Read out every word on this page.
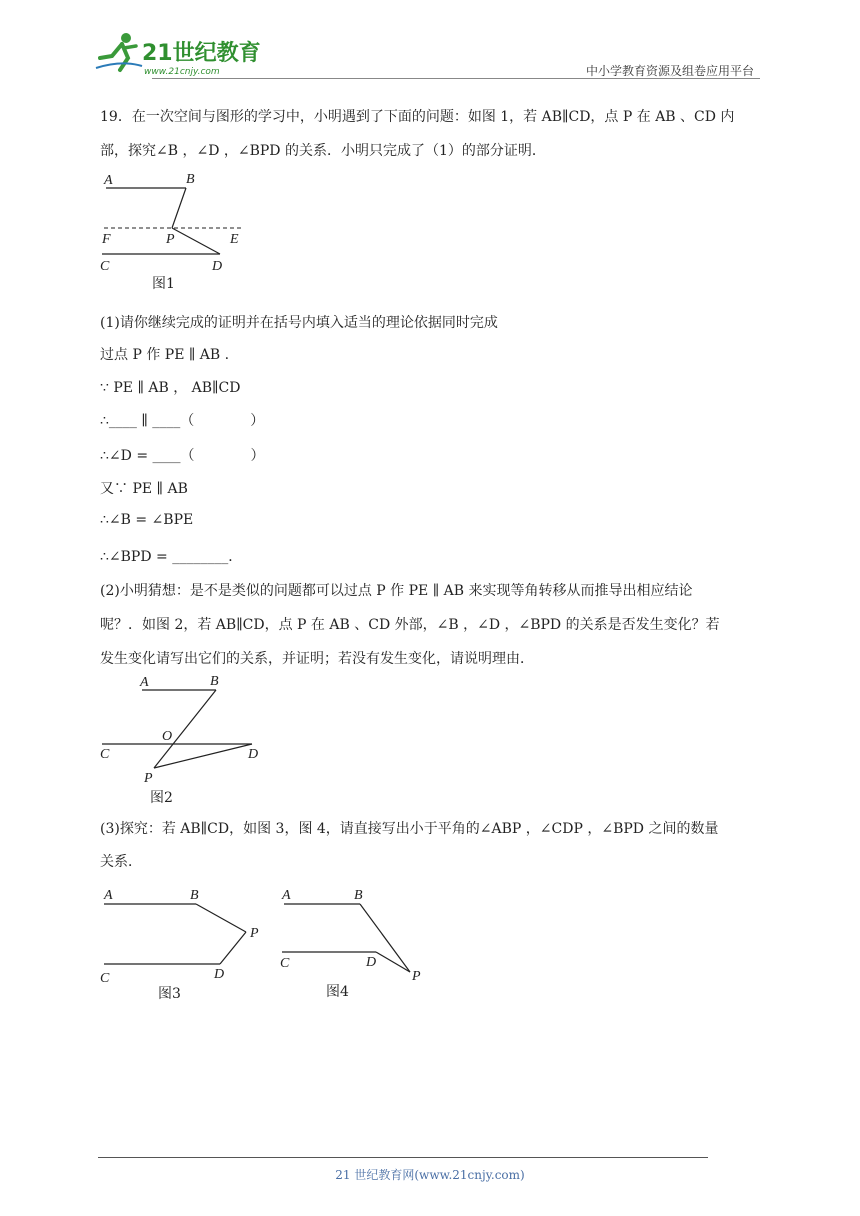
21世纪教育
www.21cnjy.com	中小学教育资源及组卷应用平台
19．在一次空间与图形的学习中，小明遇到了下面的问题：如图 1，若 AB∥CD，点 P 在 AB 、CD 内
部，探究∠B ，∠D ，∠BPD 的关系．小明只完成了（1）的部分证明．
A	B
F	P	E
C	D
图1
(1)请你继续完成的证明并在括号内填入适当的理论依据同时完成
过点 P 作 PE ∥ AB .
∵ PE ∥ AB ， AB∥CD
∴____ ∥ ____（　　　　）
∴∠D = ____（　　　　）
又∵ PE ∥ AB
∴∠B = ∠BPE
∴∠BPD = ________．
(2)小明猜想：是不是类似的问题都可以过点 P 作 PE ∥ AB 来实现等角转移从而推导出相应结论
呢？．如图 2，若 AB∥CD，点 P 在 AB 、CD 外部，∠B ，∠D ，∠BPD 的关系是否发生变化？若
发生变化请写出它们的关系，并证明；若没有发生变化，请说明理由．
A	B
O
C	D
P
图2
(3)探究：若 AB∥CD，如图 3，图 4，请直接写出小于平角的∠ABP ，∠CDP ，∠BPD 之间的数量
关系．
A	B
P
C	D
图3
A	B
C	D
P
图4
21 世纪教育网(www.21cnjy.com)
